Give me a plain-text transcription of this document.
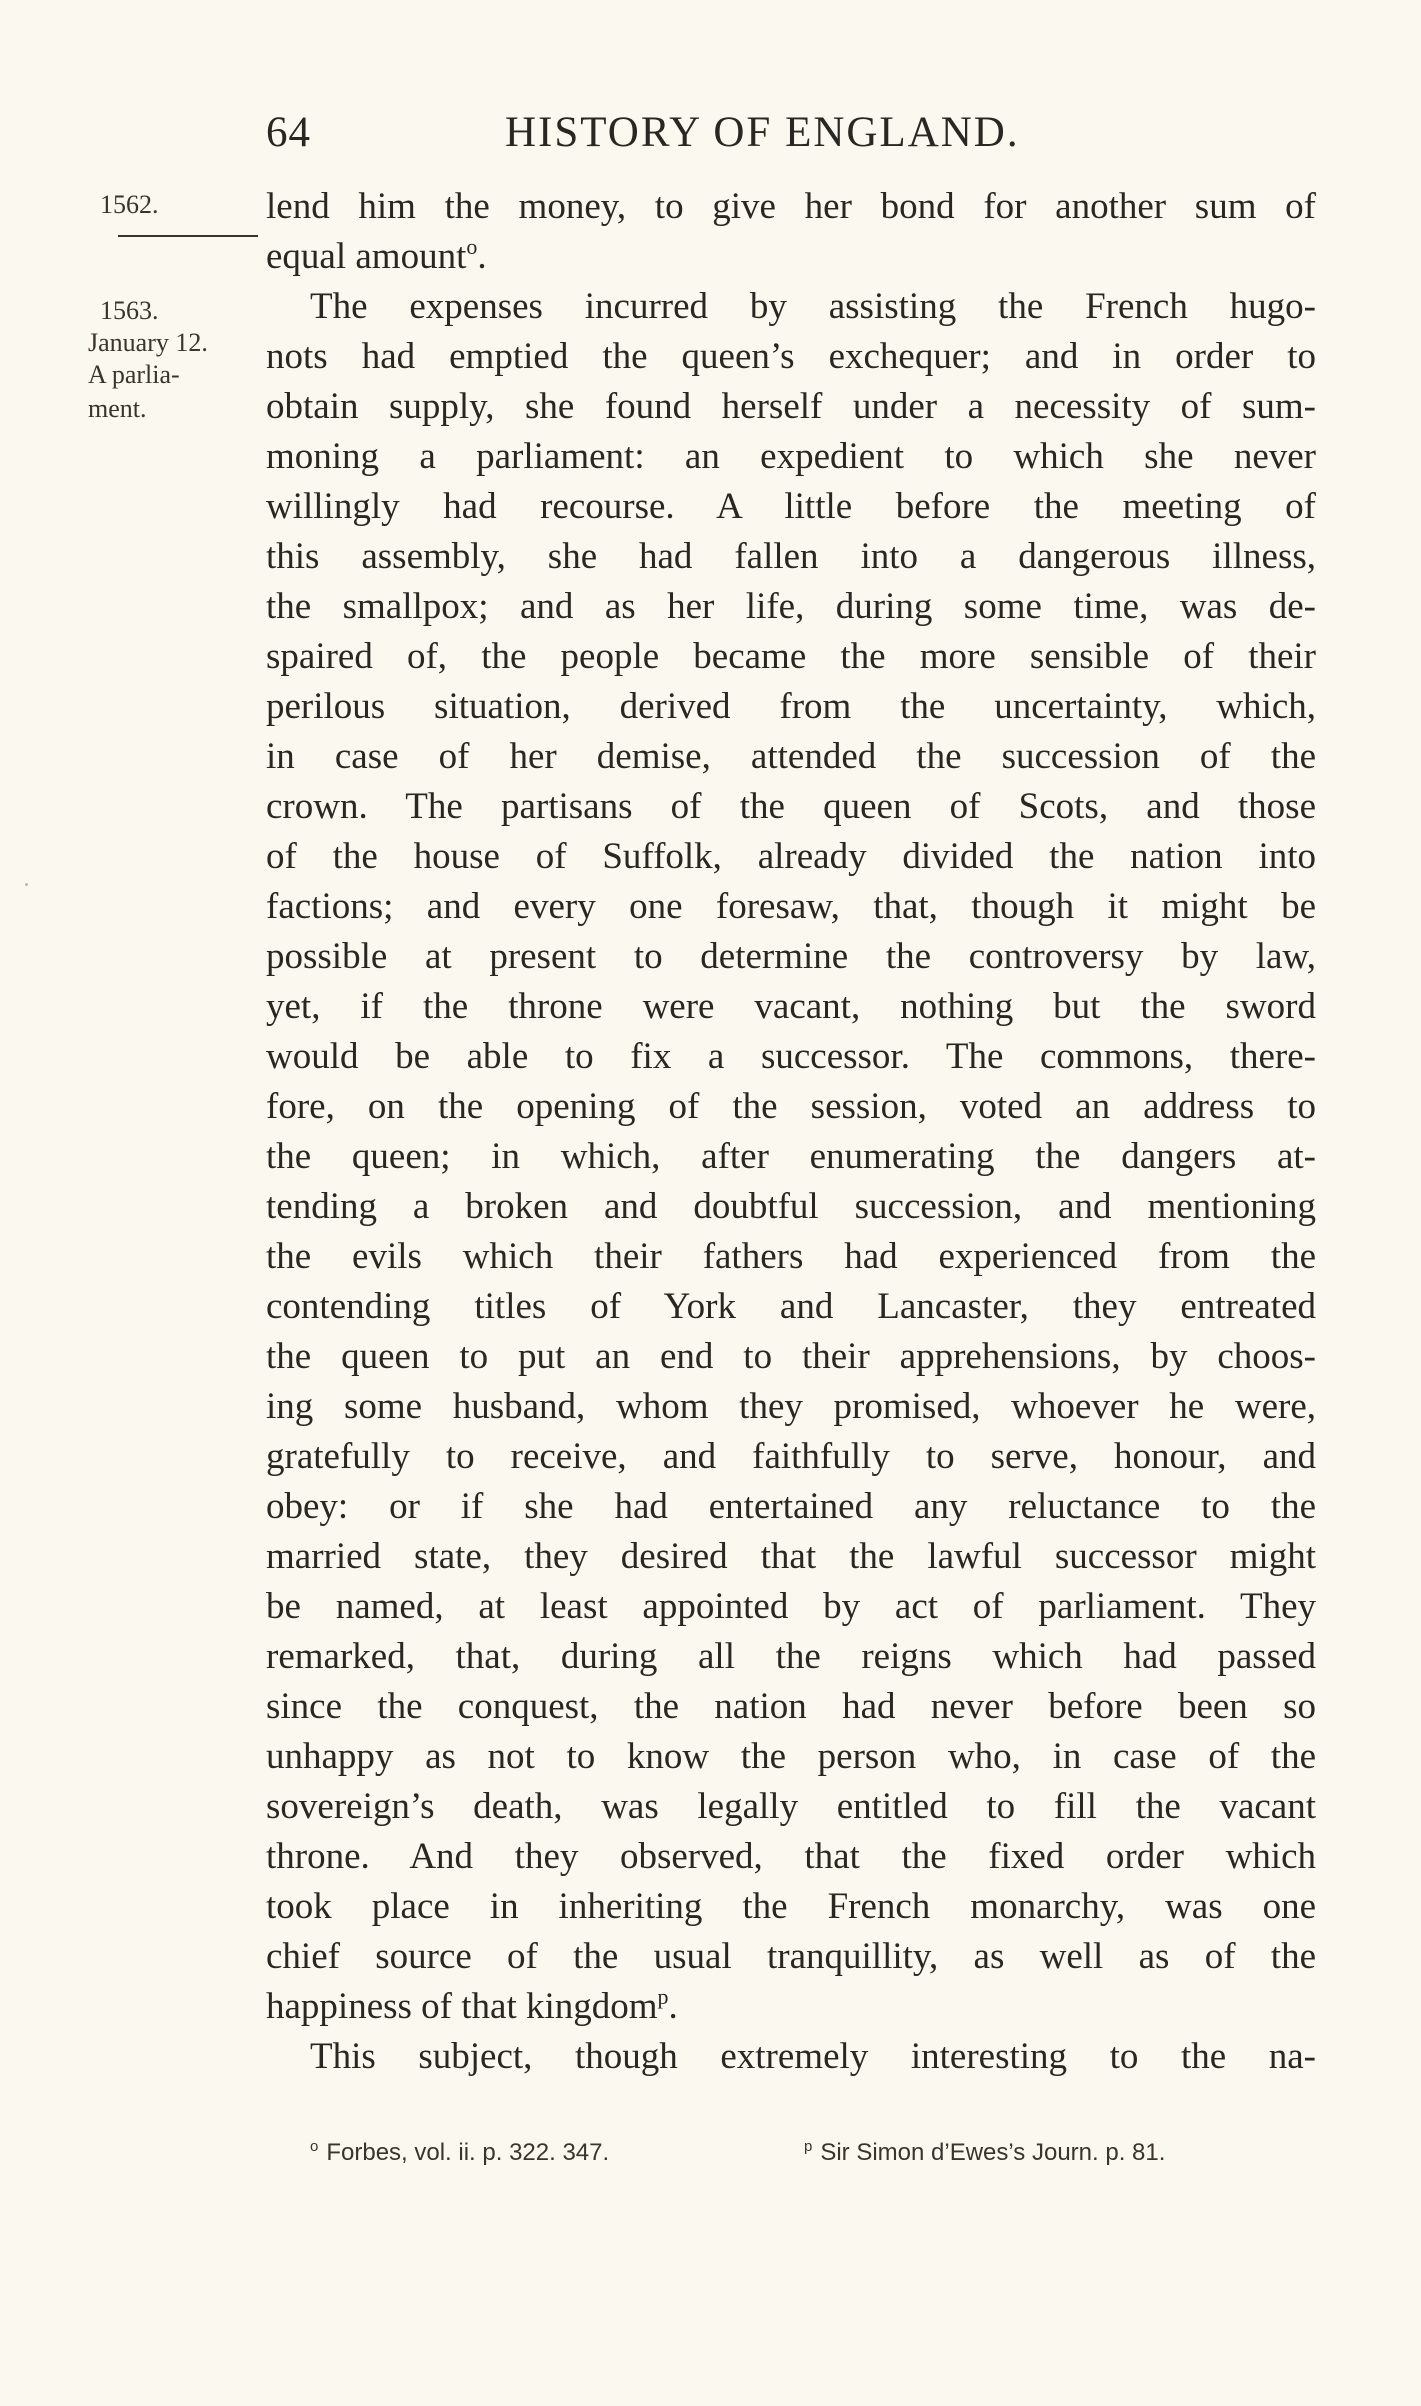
64	HISTORY OF ENGLAND.
1562.
1563.
January 12.
A parlia-
ment.
lend him the money, to give her bond for another sum of
equal amount$^o$.
The expenses incurred by assisting the French hugo-
nots had emptied the queen’s exchequer; and in order to
obtain supply, she found herself under a necessity of sum-
moning a parliament: an expedient to which she never
willingly had recourse. A little before the meeting of
this assembly, she had fallen into a dangerous illness,
the smallpox; and as her life, during some time, was de-
spaired of, the people became the more sensible of their
perilous situation, derived from the uncertainty, which,
in case of her demise, attended the succession of the
crown. The partisans of the queen of Scots, and those
of the house of Suffolk, already divided the nation into
factions; and every one foresaw, that, though it might be
possible at present to determine the controversy by law,
yet, if the throne were vacant, nothing but the sword
would be able to fix a successor. The commons, there-
fore, on the opening of the session, voted an address to
the queen; in which, after enumerating the dangers at-
tending a broken and doubtful succession, and mentioning
the evils which their fathers had experienced from the
contending titles of York and Lancaster, they entreated
the queen to put an end to their apprehensions, by choos-
ing some husband, whom they promised, whoever he were,
gratefully to receive, and faithfully to serve, honour, and
obey: or if she had entertained any reluctance to the
married state, they desired that the lawful successor might
be named, at least appointed by act of parliament. They
remarked, that, during all the reigns which had passed
since the conquest, the nation had never before been so
unhappy as not to know the person who, in case of the
sovereign’s death, was legally entitled to fill the vacant
throne. And they observed, that the fixed order which
took place in inheriting the French monarchy, was one
chief source of the usual tranquillity, as well as of the
happiness of that kingdom$^p$.
This subject, though extremely interesting to the na-
$^o$ Forbes, vol. ii. p. 322. 347.	$^p$ Sir Simon d’Ewes’s Journ. p. 81.
